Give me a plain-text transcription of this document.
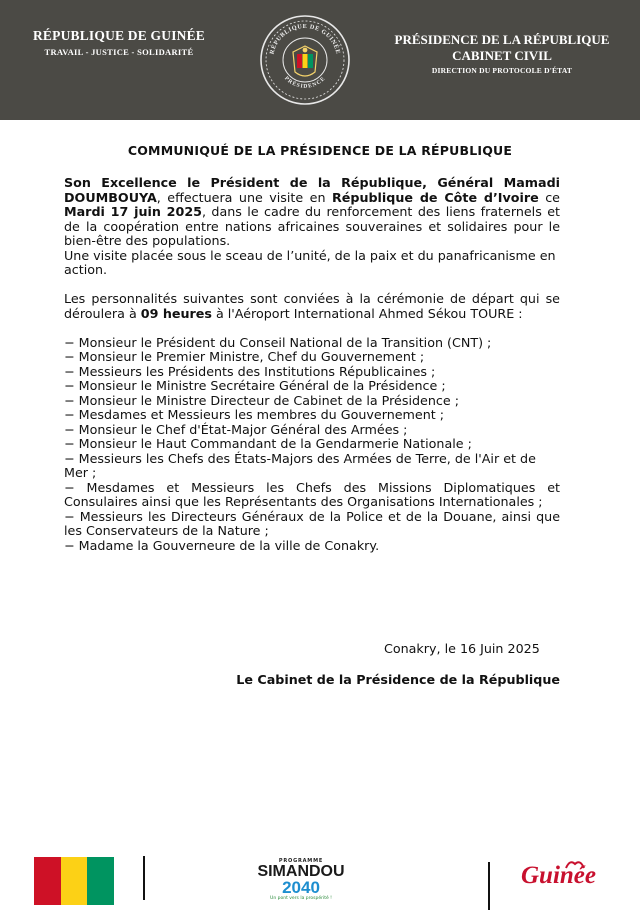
RÉPUBLIQUE DE GUINÉE
TRAVAIL - JUSTICE - SOLIDARITÉ	RÉPUBLIQUE DE GUINÉE
PRÉSIDENCE
PRÉSIDENCE DE LA RÉPUBLIQUE
CABINET CIVIL
DIRECTION DU PROTOCOLE D'ÉTAT
COMMUNIQUÉ DE LA PRÉSIDENCE DE LA RÉPUBLIQUE

Son Excellence le Président de la République, Général Mamadi DOUMBOUYA, effectuera une visite en République de Côte d’Ivoire ce Mardi 17 juin 2025, dans le cadre du renforcement des liens fraternels et de la coopération entre nations africaines souveraines et solidaires pour le bien-être des populations.

Une visite placée sous le sceau de l’unité, de la paix et du panafricanisme en action.

Les personnalités suivantes sont conviées à la cérémonie de départ qui se déroulera à 09 heures à l'Aéroport International Ahmed Sékou TOURE :

− Monsieur le Président du Conseil National de la Transition (CNT) ;
− Monsieur le Premier Ministre, Chef du Gouvernement ;
− Messieurs les Présidents des Institutions Républicaines ;
− Monsieur le Ministre Secrétaire Général de la Présidence ;
− Monsieur le Ministre Directeur de Cabinet de la Présidence ;
− Mesdames et Messieurs les membres du Gouvernement ;
− Monsieur le Chef d'État-Major Général des Armées ;
− Monsieur le Haut Commandant de la Gendarmerie Nationale ;
− Messieurs les Chefs des États-Majors des Armées de Terre, de l'Air et de Mer ;
− Mesdames et Messieurs les Chefs des Missions Diplomatiques et Consulaires ainsi que les Représentants des Organisations Internationales ;
− Messieurs les Directeurs Généraux de la Police et de la Douane, ainsi que les Conservateurs de la Nature ;
− Madame la Gouverneure de la ville de Conakry.
Conakry, le 16 Juin 2025
Le Cabinet de la Présidence de la République
PROGRAMME
SIMANDOU
2040
Un pont vers la prospérité !
Guinée
